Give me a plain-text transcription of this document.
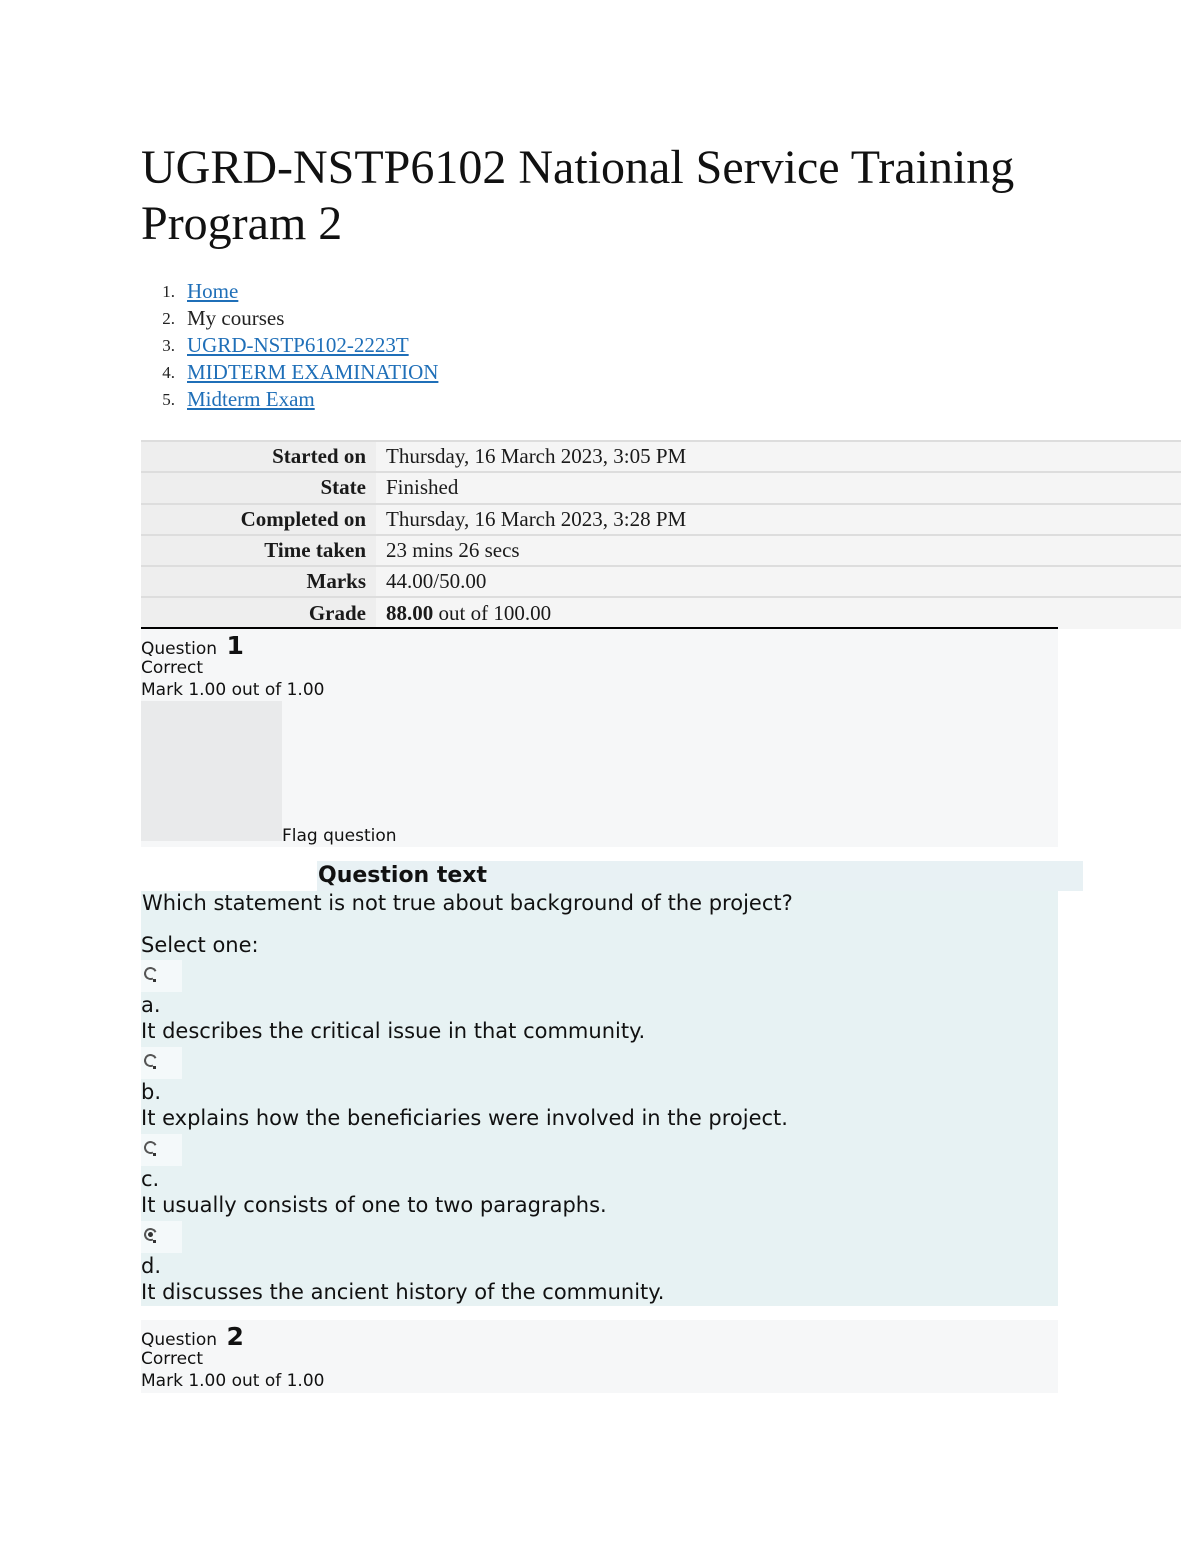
UGRD-NSTP6102 National Service Training Program 2
1. Home
2. My courses
3. UGRD-NSTP6102-2223T
4. MIDTERM EXAMINATION
5. Midterm Exam
Started on	Thursday, 16 March 2023, 3:05 PM
State	Finished
Completed on	Thursday, 16 March 2023, 3:28 PM
Time taken	23 mins 26 secs
Marks	44.00/50.00
Grade	88.00 out of 100.00
Question 1
Correct
Mark 1.00 out of 1.00
Flag question
Question text
Which statement is not true about background of the project?
Select one:
a.
It describes the critical issue in that community.
b.
It explains how the beneficiaries were involved in the project.
c.
It usually consists of one to two paragraphs.
d.
It discusses the ancient history of the community.
Question 2
Correct
Mark 1.00 out of 1.00
